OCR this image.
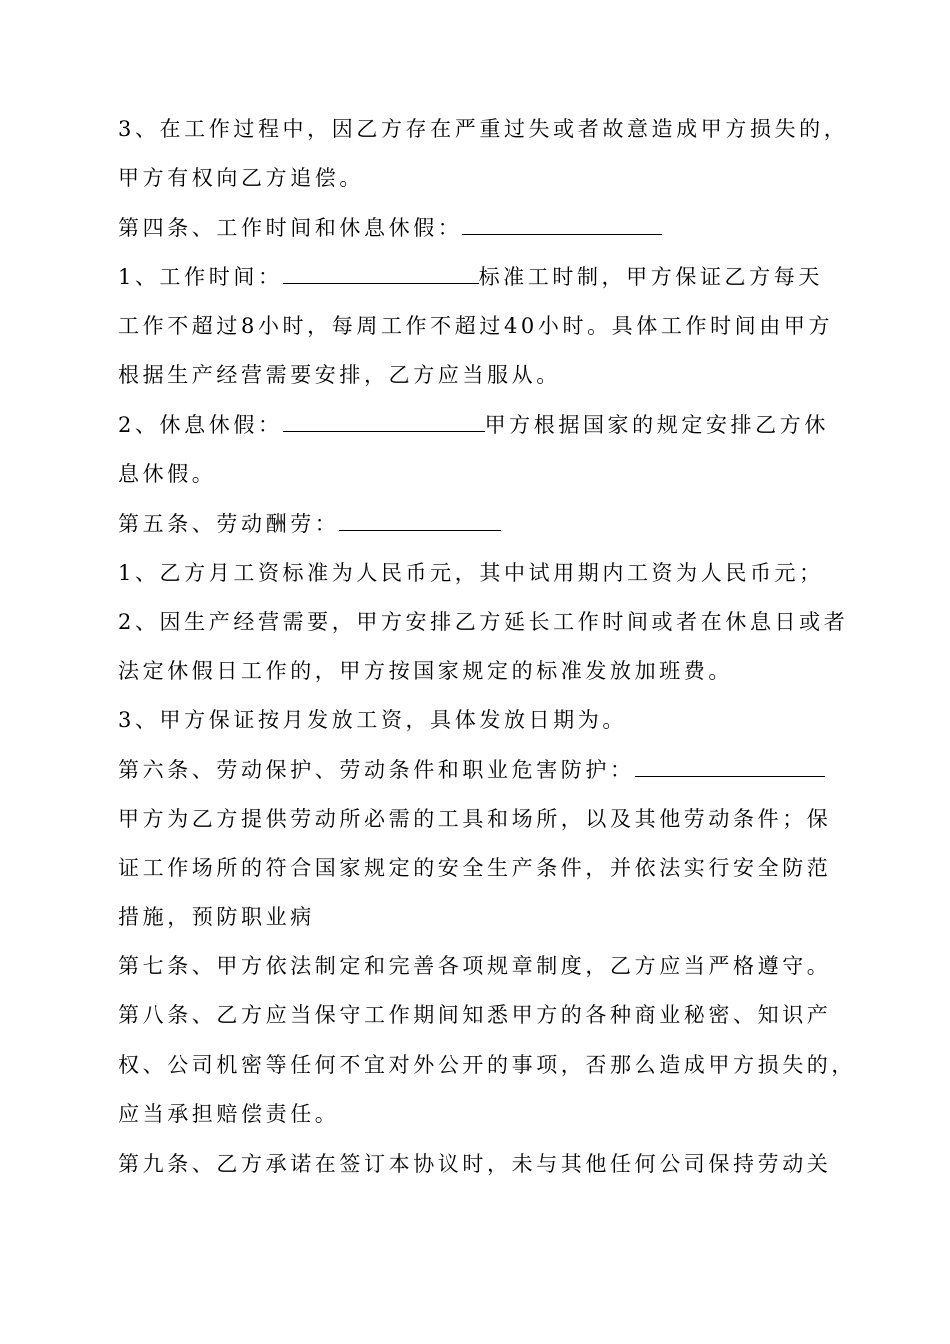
3、在工作过程中，因乙方存在严重过失或者故意造成甲方损失的，
甲方有权向乙方追偿。
第四条、工作时间和休息休假：
1、工作时间：	标准工时制，甲方保证乙方每天
工作不超过8小时，每周工作不超过40小时。具体工作时间由甲方
根据生产经营需要安排，乙方应当服从。
2、休息休假：	甲方根据国家的规定安排乙方休
息休假。
第五条、劳动酬劳：
1、乙方月工资标准为人民币元，其中试用期内工资为人民币元；
2、因生产经营需要，甲方安排乙方延长工作时间或者在休息日或者
法定休假日工作的，甲方按国家规定的标准发放加班费。
3、甲方保证按月发放工资，具体发放日期为。
第六条、劳动保护、劳动条件和职业危害防护：
甲方为乙方提供劳动所必需的工具和场所，以及其他劳动条件；保
证工作场所的符合国家规定的安全生产条件，并依法实行安全防范
措施，预防职业病
第七条、甲方依法制定和完善各项规章制度，乙方应当严格遵守。
第八条、乙方应当保守工作期间知悉甲方的各种商业秘密、知识产
权、公司机密等任何不宜对外公开的事项，否那么造成甲方损失的，
应当承担赔偿责任。
第九条、乙方承诺在签订本协议时，未与其他任何公司保持劳动关
